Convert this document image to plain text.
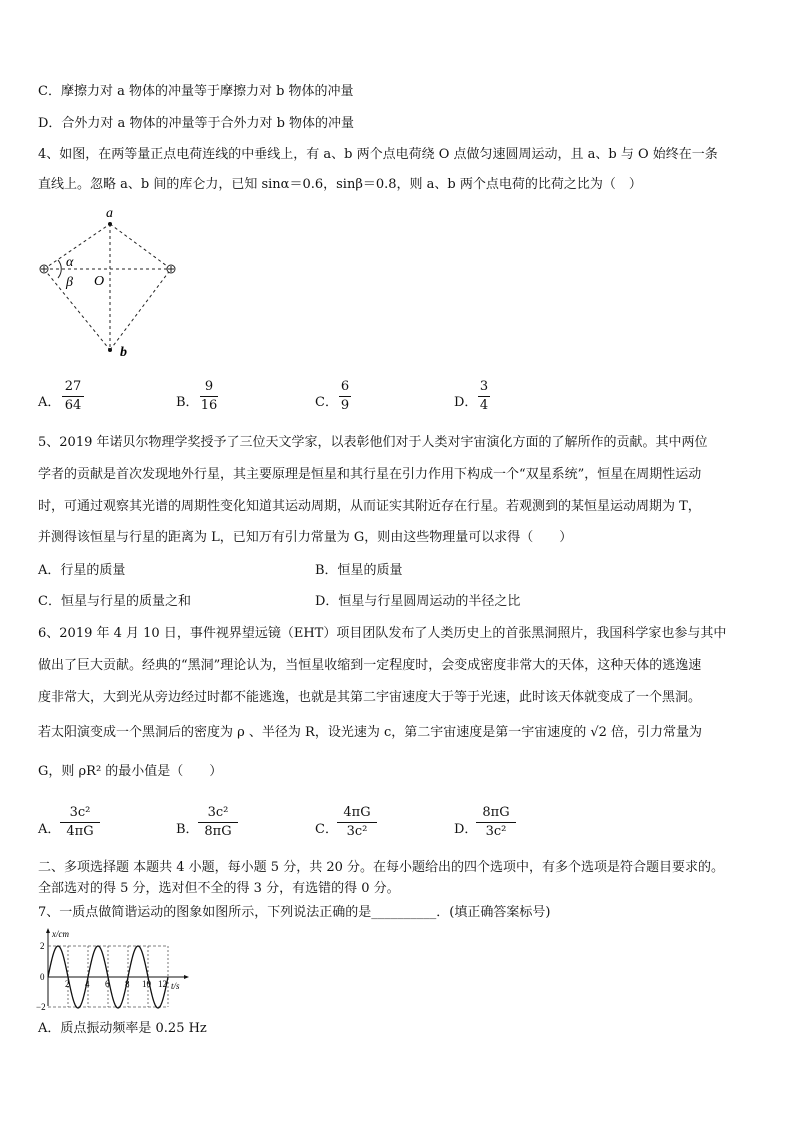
C．摩擦力对 a 物体的冲量等于摩擦力对 b 物体的冲量
D．合外力对 a 物体的冲量等于合外力对 b 物体的冲量
4、如图，在两等量正点电荷连线的中垂线上，有 a、b 两个点电荷绕 O 点做匀速圆周运动，且 a、b 与 O 始终在一条
直线上。忽略 a、b 间的库仑力，已知 sinα＝0.6，sinβ＝0.8，则 a、b 两个点电荷的比荷之比为（　）
a
b
O
α
β
A．
27
64	B．
9
16	C．
6
9	D．
3
4
5、2019 年诺贝尔物理学奖授予了三位天文学家，以表彰他们对于人类对宇宙演化方面的了解所作的贡献。其中两位
学者的贡献是首次发现地外行星，其主要原理是恒星和其行星在引力作用下构成一个“双星系统”，恒星在周期性运动
时，可通过观察其光谱的周期性变化知道其运动周期，从而证实其附近存在行星。若观测到的某恒星运动周期为 T，
并测得该恒星与行星的距离为 L，已知万有引力常量为 G，则由这些物理量可以求得（　　）
A．行星的质量	B．恒星的质量
C．恒星与行星的质量之和	D．恒星与行星圆周运动的半径之比
6、2019 年 4 月 10 日，事件视界望远镜（EHT）项目团队发布了人类历史上的首张黑洞照片，我国科学家也参与其中
做出了巨大贡献。经典的“黑洞”理论认为，当恒星收缩到一定程度时，会变成密度非常大的天体，这种天体的逃逸速
度非常大，大到光从旁边经过时都不能逃逸，也就是其第二宇宙速度大于等于光速，此时该天体就变成了一个黑洞。
若太阳演变成一个黑洞后的密度为 ρ 、半径为 R，设光速为 c，第二宇宙速度是第一宇宙速度的 √2 倍，引力常量为
G，则 ρR² 的最小值是（　　）
A．
3c²
4πG	B．
3c²
8πG	C．
4πG
3c²	D．
8πG
3c²
二、多项选择题 本题共 4 小题，每小题 5 分，共 20 分。在每小题给出的四个选项中，有多个选项是符合题目要求的。
全部选对的得 5 分，选对但不全的得 3 分，有选错的得 0 分。
7、一质点做简谐运动的图象如图所示，下列说法正确的是__________．(填正确答案标号)
x/cm
t/s
2
0
−2
2 4 6 8 10 12
A．质点振动频率是 0.25 Hz
